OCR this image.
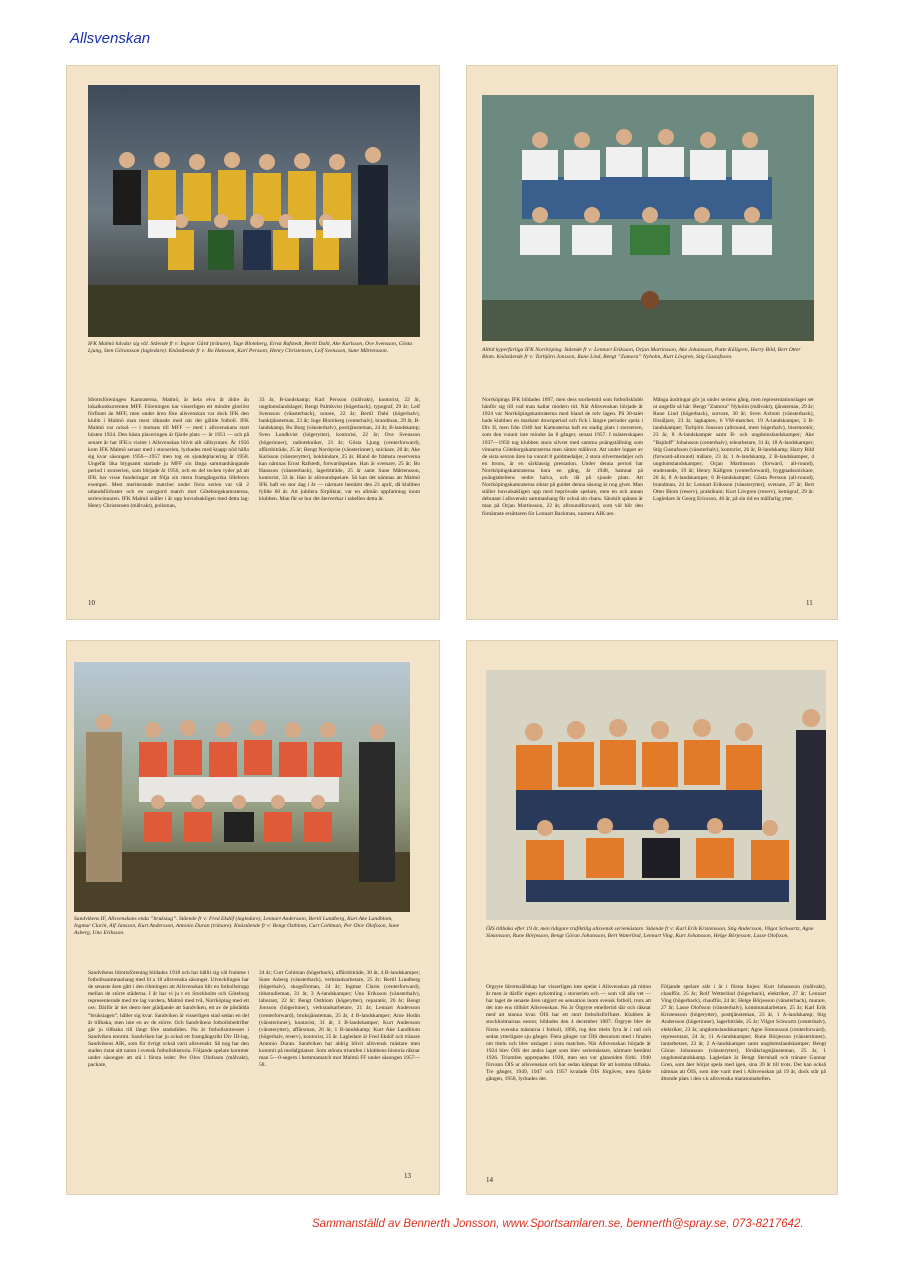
Allsvenskan

IFK Malmö håvdar sig väl. Stående fr v: Ingvar Gård (tränare), Tage Blomberg, Ernst Rafstedt, Bertil Dahl, Ake Karlsson, Ove Svensson, Gösta Ljung, Sten Göransson (lagledare). Knästående fr v: Bo Hansson, Karl Persson, Henry Christensen, Leif Svensson, Sune Mårtensson.

Idrottsföreningen Kamraterna, Malmö, är hela elva år äldre än lokalkonkurrenten MFF. Föreningen har visserligen ett mindre gloriöst förflutet än MFF, men under åren före allsvenskan var dock IFK den klubb i Malmö man mest räknade med när det gällde fotboll. IFK Malmö var också — i motsats till MFF — med i allsvenskans start hösten 1924. Den bästa placeringen är fjärde plats — år 1951 — och på senare år har IFK:s visiter i Allsvenskan blivit allt sällsyntare. År 1956 kom IFK Malmö senast med i storserien, lyckades med knapp nöd hålla sig kvar säsongen 1956—1957 men tog en sjundeplacering år 1958. Ungefär lika blygsamt startade ju MFF sin långa sammanhängande period i storserien, som började år 1956, och en del tecken tyder på att IFK har visse funderingar att följa sin mera framgångsrika lillebrors exempel. Mest meriterande matcher under förra serien var väl 2 utlandsförluster och en oavgjord match mot Göteborgskamraterna, seriewinnaren. IFK Malmö ställer i år upp huvudsakligen med detta lag: Henry Christensen (målvakt), polisman,

33 år, B-landskamp; Karl Persson (målvakt), kontorist, 22 år, ungdomslandslaget; Bengt Palmkvist (högerback), typograf, 29 år; Leif Svensson (vänsterback), notare, 22 år; Bertil Dahl (högerhalv), banktjänsteman, 23 år; Inge Blomberg (centerhalv), brandman, 29 år, B-landskamp; Bo Borg (vänsterhalv), posttjänsteman, 24 år, B-landskamp; Sven Lundkvist (högerytter), kontorist, 22 år; Ove Svensson (högerinner), radiotekniker, 21 år; Gösta Ljung (centerforward), affärsbiträde, 25 år; Bengt Nordqvist (vänsterinner), snickare, 20 år; Ake Karlsson (vänsterytter), bokbindare, 25 år. Bland de främsta reserverna kan nämnas Ernst Rafstedt, forwardspelare. Han är svetsare, 25 år; Bo Hansson (vänsterback), lagerbiträde, 25 år samt Sune Mårtensson, kontorist, 33 år. Han är allroundspelare. Så kan det nämnas att Malmö IFK haft en stor dag i år — närmare bestämt den 23 april, då klubben fyllde 60 år. Att jubilera förpliktar, var en allmän uppfattning inom klubben. Man får se hur det återverkar i tabellen detta år.

10

Alltid kyperfarliga IFK Norrköping. Stående fr v: Lennart Eriksson, Orjan Martinsson, Ake Johansson, Putte Källgren, Harry Bild, Bert Otter Blom. Knästående fr v: Torbjörn Jonsson, Rune Lind, Bengt ”Zamora” Nyholm, Kurt Lövgren, Stig Gustafsson.

Norrköpings IFK bildades 1897, men dess storhetstid som fotbollsklubb hänför sig till vad man kallar modern tid. Når Allsvenskan började år 1924 var Norrköpingskamraterna med bland de tolv lagen. På 30-talet hade klubben en markant downperiod och fick i längre perioder spela i Div II, men från 1940 har Kamraterna haft en stadig plats i storserien, som den vunnit inte mindre än 8 gånger, senast 1957. I mästerskapen 1937—1950 tog klubben stora silvret med samma poängställning som vinnarna Göteborgskamraterna men sämre målkvot. Att under loppet av de sista sexton åren ha vunnit 8 guldmedaljer, 2 stora silvermedaljer och en brons, är en särklassig prestation. Under denna period har Norrköpingskamraterna bara en gång, år 1948, hamnat på poängtabellens nedre halva, och då på sjunde plats. Att Norrköpingskamraterna siktar på guldet denna säsong är nog givet. Man ställer huvudsakligen upp med beprövade spelare, men en och annan debutant i allsvenskt sammanhang får också sin chans. Särskilt spänen är man på Orjan Martinsson, 22 år, allroundforward, som väl blir den förnämste ersättaren för Lennart Backman, numera AIK:are.

Många ändringar gör ju under seriens gång, men representationslaget ser ut ungefär så här: Bengt ”Zamora” Nyholm (målvakt), tjänsteman, 29 år; Rune Lind (högerback), survare, 30 år; Sven Axbom (vänsterback), försäljare, 23 år, lagkapten, 6 VM-matcher, 19 A-landskamper, 3 B-landskamper; Torbjörn Jonsson (allround, mest högerhalv), bisemontör, 23 år, 8 A-landskamper samt B- och ungdomslandskamper; Ake ”Bajdoff” Johansson (centerhalv), telearbetare, 31 år, 18 A-landskamper; Stig Gustafsson (vänsterhalv), kontorist, 26 år, B-landskamp; Harry Bild (forward-allround) målare, 23 år, 1 A-landskamp, 2 B-landskamper, 4 ungdomslandskamper; Orjan Martinsson (forward, all-round), studerande, 19 år; Henry Källgren (centerforward), byggnadssnickare, 26 år, 8 A-landskamper, 6 B-landskamper; Gösta Persson (all-round), brandman, 24 år; Lennart Eriksson (vänsterytter), svetsare, 27 år; Bert Otter Blom (reserv), praktikant; Kurt Lövgren (reserv), kemigraf, 29 år. Lagledare är Georg Ericsson, 46 år, på sin tid en målfarlig ytter.

11

Sandvikens IF, Allsvenskans enda ”bruksiag”. Stående fr v: Fred Ekdöf (lagledare), Lennart Andersson, Bertil Lundberg, Kurt Ake Landblom, Ingmar Clarin, Alf Jansson, Kurt Andersson, Antonio Duran (tränare). Knästående fr v: Bengt Osthlom, Curt Cohlman, Per Olov Olofsson, Sune Asberg, Uno Eriksson.

Sandvikens Idrottsförening bildades 1918 och har hållit sig väl framme i fotbollssammanhang med bl a 18 allsvenska säsonger. Utvecklingen har de senaste åren gått i den riktningen att Allsvenskan blir en fotbollstrupp mellan de större städerna. I år har vi ju t ex Stockholm och Göteborg representerade med tre lag vardera, Malmö med två, Norrköping med ett osv. Därför är det desto mer glädjande att Sandviken, ett av de påstådda ”bruksiagen”, håller sig kvar. Sandviken är visserligen stad sedan en del år tillbaka, men inte en av de större. Och Sandvikens fotbollsbedrifter går ju tillbaka till långt före stadsdiden. Nu är fotbollsintresset i Sandviken enormt. Sandviken har ju också ett framgångsrikt Div III-lag, Sandvikens AIK, som för övrigt också varit allsvenskt. Så nog har den staden ristat sitt namn i svensk fotbollshistoria. Följande spelare kommer under säsongen att stå i första ledet: Per Olov Olofsson (målvakt), packare,

24 år; Curt Cohlman (högerback), affärsbiträde, 30 år, 4 B-landskamper; Sune Asberg (vänsterback), verkstadsarbetare, 25 år; Bertil Lundberg (högerhalv), skogsförman, 24 år; Ingmar Clarin (centerforward), tidsstudieman, 31 år, 3 A-landskamper; Uno Eriksson (vänsterhalv), laborant, 22 år; Bengt Osthlom (högerytter), reparatör, 26 år; Bengt Jonsson (högerinner), verkstadsarbetare, 21 år; Lennart Andersson (centerforward), bruksjänsteman, 25 år, 4 B-landskamper; Arne Hodin (vänsterinner), kontorist, 31 år, 3 B-landskamper; Kurt Andersson (vänsterytter), affärsman, 26 år, 1 B-landskamp; Kurt Ake Landblom (högerhalv, reserv), kontorist, 25 år. Lagledare är Fred Ekdöf och tränare Antonio Duran. Sandviken har aldrig blivit allsvensk mästare men kommit på medaljplatser. Som största triumfen i klubbens historia räknar man 5—0-segern i hemmamatch mot Malmö FF under säsongen 1957—58.

13

ÖIS tillbaka efter 19 år, men tidigare trafiktilig allsvensk seriemästare. Stående fr v: Karl Erik Kristensson, Stig Andersson, Vilgot Schwartz, Agne Simonsson, Rune Börjesson, Bengt Göran Johansson, Bert Waterlind, Lennart Ving, Kurt Johansson, Helge Börjesson, Lasse Olofsson.

Örgryte Idrottssällskap har visserligen inte spelat i Allsvenskan på nitton år men är därför ingen nykomling i storserien och — som väl alla vet — har laget de senaste åren utgjort en sensation inom svensk fotboll, trots att det inte ens tillhört Allsvenskan. Nu är Örgryte emellertid där och räknar med att stanna kvar. ÖIS har ett stort fotbollsförflutet. Klubben är stockholmarnas nestor, bildades den 4 december 1887. Örgryte blev de första svenska mästarna i fotboll, 1896, tog den titeln fyra år i rad och sedan ytterligare sju gånger. Flera gånger var ÖIS dessutom med i finalen om titeln och blev utslaget i sista matchen. När Allsvenskan började år 1924 blev ÖIS det andra laget som blev seriemästare, närmare bestämt 1926. Triumfen upprepades 1928, men sen var glanstiden förbi. 1940 förvann ÖIS ur allsvenskan och har sedan kämpat för att komma tillbaka. Tre gånger, 1949, 1947 och 1957 kvalade ÖIS förgäves, men fjärde gången, 1958, lyckades det.

Följande spelare står i år i första linjen: Kurt Johansson (målvakt), chaufför, 25 år; Rolf Wetterlind (högerback), elektriker, 27 år; Lennart Ving (högerback), chaufför, 24 år; Helge Börjesson (vänsterback), murare, 27 år; Lasse Olofsson (vänsterhalv), kommunalarbetare, 25 år; Karl Erik Kristensson (högerytter), posttjänsteman, 23 år, 1 A-landskamp; Stig Andersson (högerinner), lagerbiträde, 25 år; Vilgot Schwartz (centerhalv), elektriker, 23 år, ungdomslandskamper; Agne Simonsson (centerforward), representant, 24 år, 11 A-landskamper; Rune Börjesson (vänsterinner), lantarbetare, 23 år, 2 A-landskamper samt ungdomslandskamper; Bengt Göran Johansson (vänsterytter), försäkringstjänsteman, 25 år, 1 ungdomslandskamp. Lagledare är Bengt Sternhall och tränare Gunnar Gren, som åter börjat spela med igen, sina 39 år till trots. Det kan också nämnas att ÖIS, som inte varit med i Allsvenskan på 19 år, dock står på åttonde plats i den s k allsvenska maratontabellen.

14
Sammanställd av Bennerth Jonsson, www.Sportsamlaren.se, bennerth@spray.se, 073-8217642.
